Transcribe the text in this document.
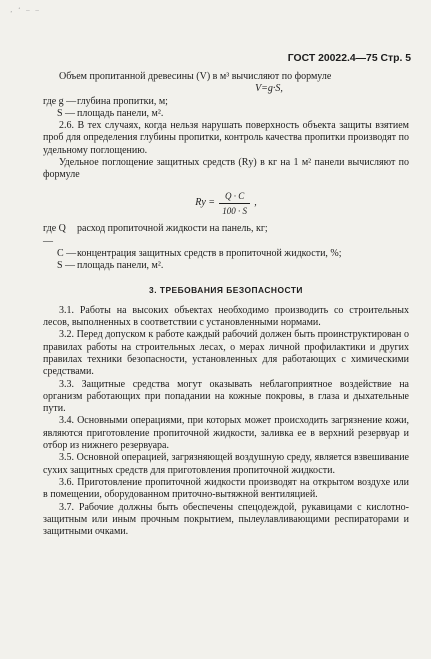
‚ ‘ – –
ГОСТ 20022.4—75 Стр. 5

Объем пропитанной древесины (V) в м³ вычисляют по формуле

V=g·S,

где g — глубина пропитки, м;
S — площадь панели, м².

2.6. В тех случаях, когда нельзя нарушать поверхность объекта защиты взятием проб для определения глубины пропитки, контроль качества пропитки производят по удельному поглощению.

Удельное поглощение защитных средств (Rу) в кг на 1 м² панели вычисляют по формуле

Rу = $\frac{Q \cdot C}{100 \cdot S}$ ,
где Q —
расход пропиточной жидкости на панель, кг;
C — концентрация защитных средств в пропиточной жидкости, %;
S — площадь панели, м².
3. ТРЕБОВАНИЯ БЕЗОПАСНОСТИ

3.1. Работы на высоких объектах необходимо производить со строительных лесов, выполненных в соответствии с установленными нормами.

3.2. Перед допуском к работе каждый рабочий должен быть проинструктирован о правилах работы на строительных лесах, о мерах личной профилактики и других правилах техники безопасности, установленных для работающих с химическими средствами.

3.3. Защитные средства могут оказывать неблагоприятное воздействие на организм работающих при попадании на кожные покровы, в глаза и дыхательные пути.

3.4. Основными операциями, при которых может происходить загрязнение кожи, являются приготовление пропиточной жидкости, заливка ее в верхний резервуар и отбор из нижнего резервуара.

3.5. Основной операцией, загрязняющей воздушную среду, является взвешивание сухих защитных средств для приготовления пропиточной жидкости.

3.6. Приготовление пропиточной жидкости производят на открытом воздухе или в помещении, оборудованном приточно-вытяжной вентиляцией.

3.7. Рабочие должны быть обеспечены спецодеждой, рукавицами с кислотно-защитным или иным прочным покрытием, пылеулавливающими респираторами и защитными очками.
